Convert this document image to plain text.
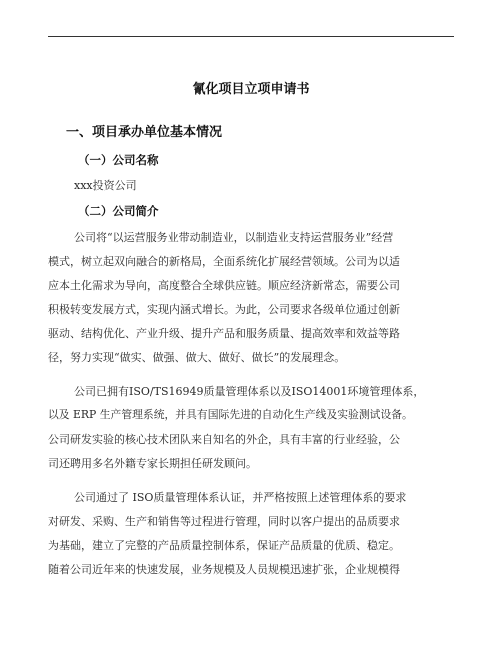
氰化项目立项申请书
一、项目承办单位基本情况
（一）公司名称

xxx投资公司

（二）公司简介

公司将“以运营服务业带动制造业，以制造业支持运营服务业”经营

模式，树立起双向融合的新格局，全面系统化扩展经营领域。公司为以适

应本土化需求为导向，高度整合全球供应链。顺应经济新常态，需要公司

积极转变发展方式，实现内涵式增长。为此，公司要求各级单位通过创新

驱动、结构优化、产业升级、提升产品和服务质量、提高效率和效益等路

径，努力实现“做实、做强、做大、做好、做长”的发展理念。

公司已拥有ISO/TS16949质量管理体系以及ISO14001环境管理体系，

以及 ERP 生产管理系统，并具有国际先进的自动化生产线及实验测试设备。

公司研发实验的核心技术团队来自知名的外企，具有丰富的行业经验，公

司还聘用多名外籍专家长期担任研发顾问。

公司通过了 ISO质量管理体系认证，并严格按照上述管理体系的要求

对研发、采购、生产和销售等过程进行管理，同时以客户提出的品质要求

为基础，建立了完整的产品质量控制体系，保证产品质量的优质、稳定。

随着公司近年来的快速发展，业务规模及人员规模迅速扩张，企业规模得
